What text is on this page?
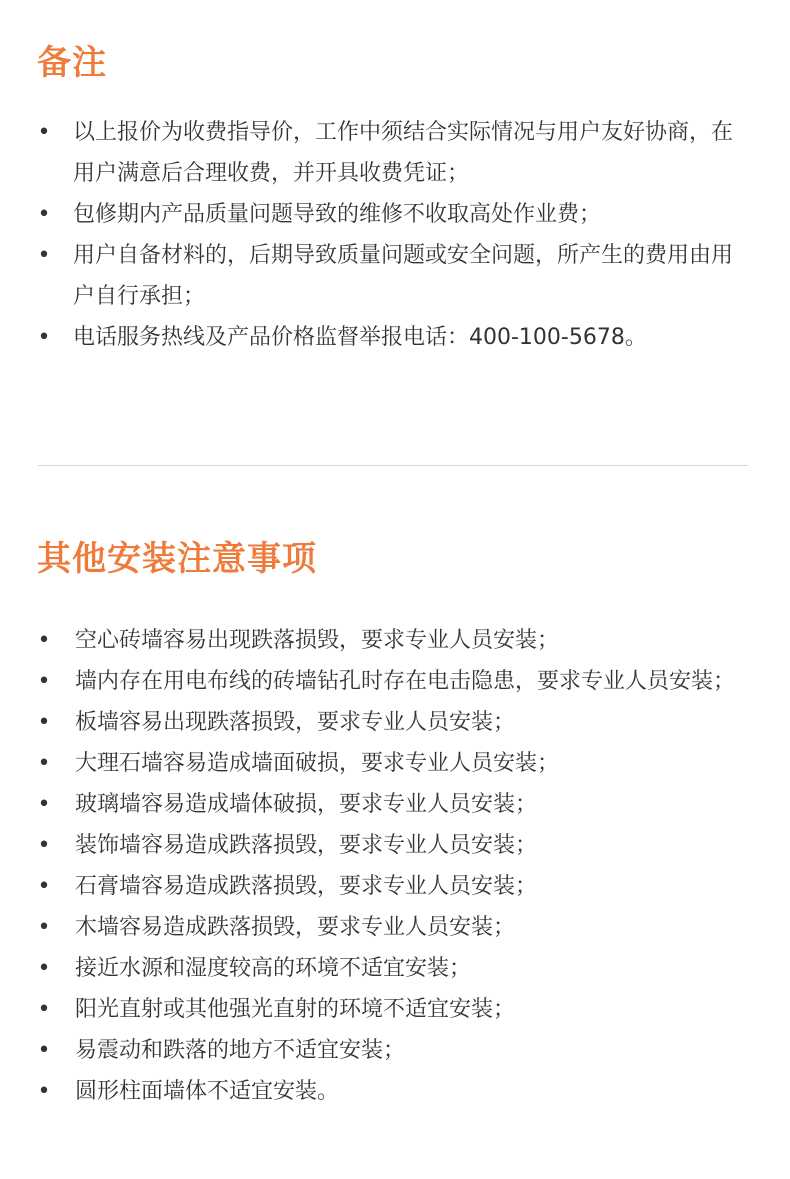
备注
• 以上报价为收费指导价，工作中须结合实际情况与用户友好协商，在用户满意后合理收费，并开具收费凭证；
• 包修期内产品质量问题导致的维修不收取高处作业费；
• 用户自备材料的，后期导致质量问题或安全问题，所产生的费用由用户自行承担；
• 电话服务热线及产品价格监督举报电话：400-100-5678。
其他安装注意事项
• 空心砖墙容易出现跌落损毁，要求专业人员安装；
• 墙内存在用电布线的砖墙钻孔时存在电击隐患，要求专业人员安装；
• 板墙容易出现跌落损毁，要求专业人员安装；
• 大理石墙容易造成墙面破损，要求专业人员安装；
• 玻璃墙容易造成墙体破损，要求专业人员安装；
• 装饰墙容易造成跌落损毁，要求专业人员安装；
• 石膏墙容易造成跌落损毁，要求专业人员安装；
• 木墙容易造成跌落损毁，要求专业人员安装；
• 接近水源和湿度较高的环境不适宜安装；
• 阳光直射或其他强光直射的环境不适宜安装；
• 易震动和跌落的地方不适宜安装；
• 圆形柱面墙体不适宜安装。
